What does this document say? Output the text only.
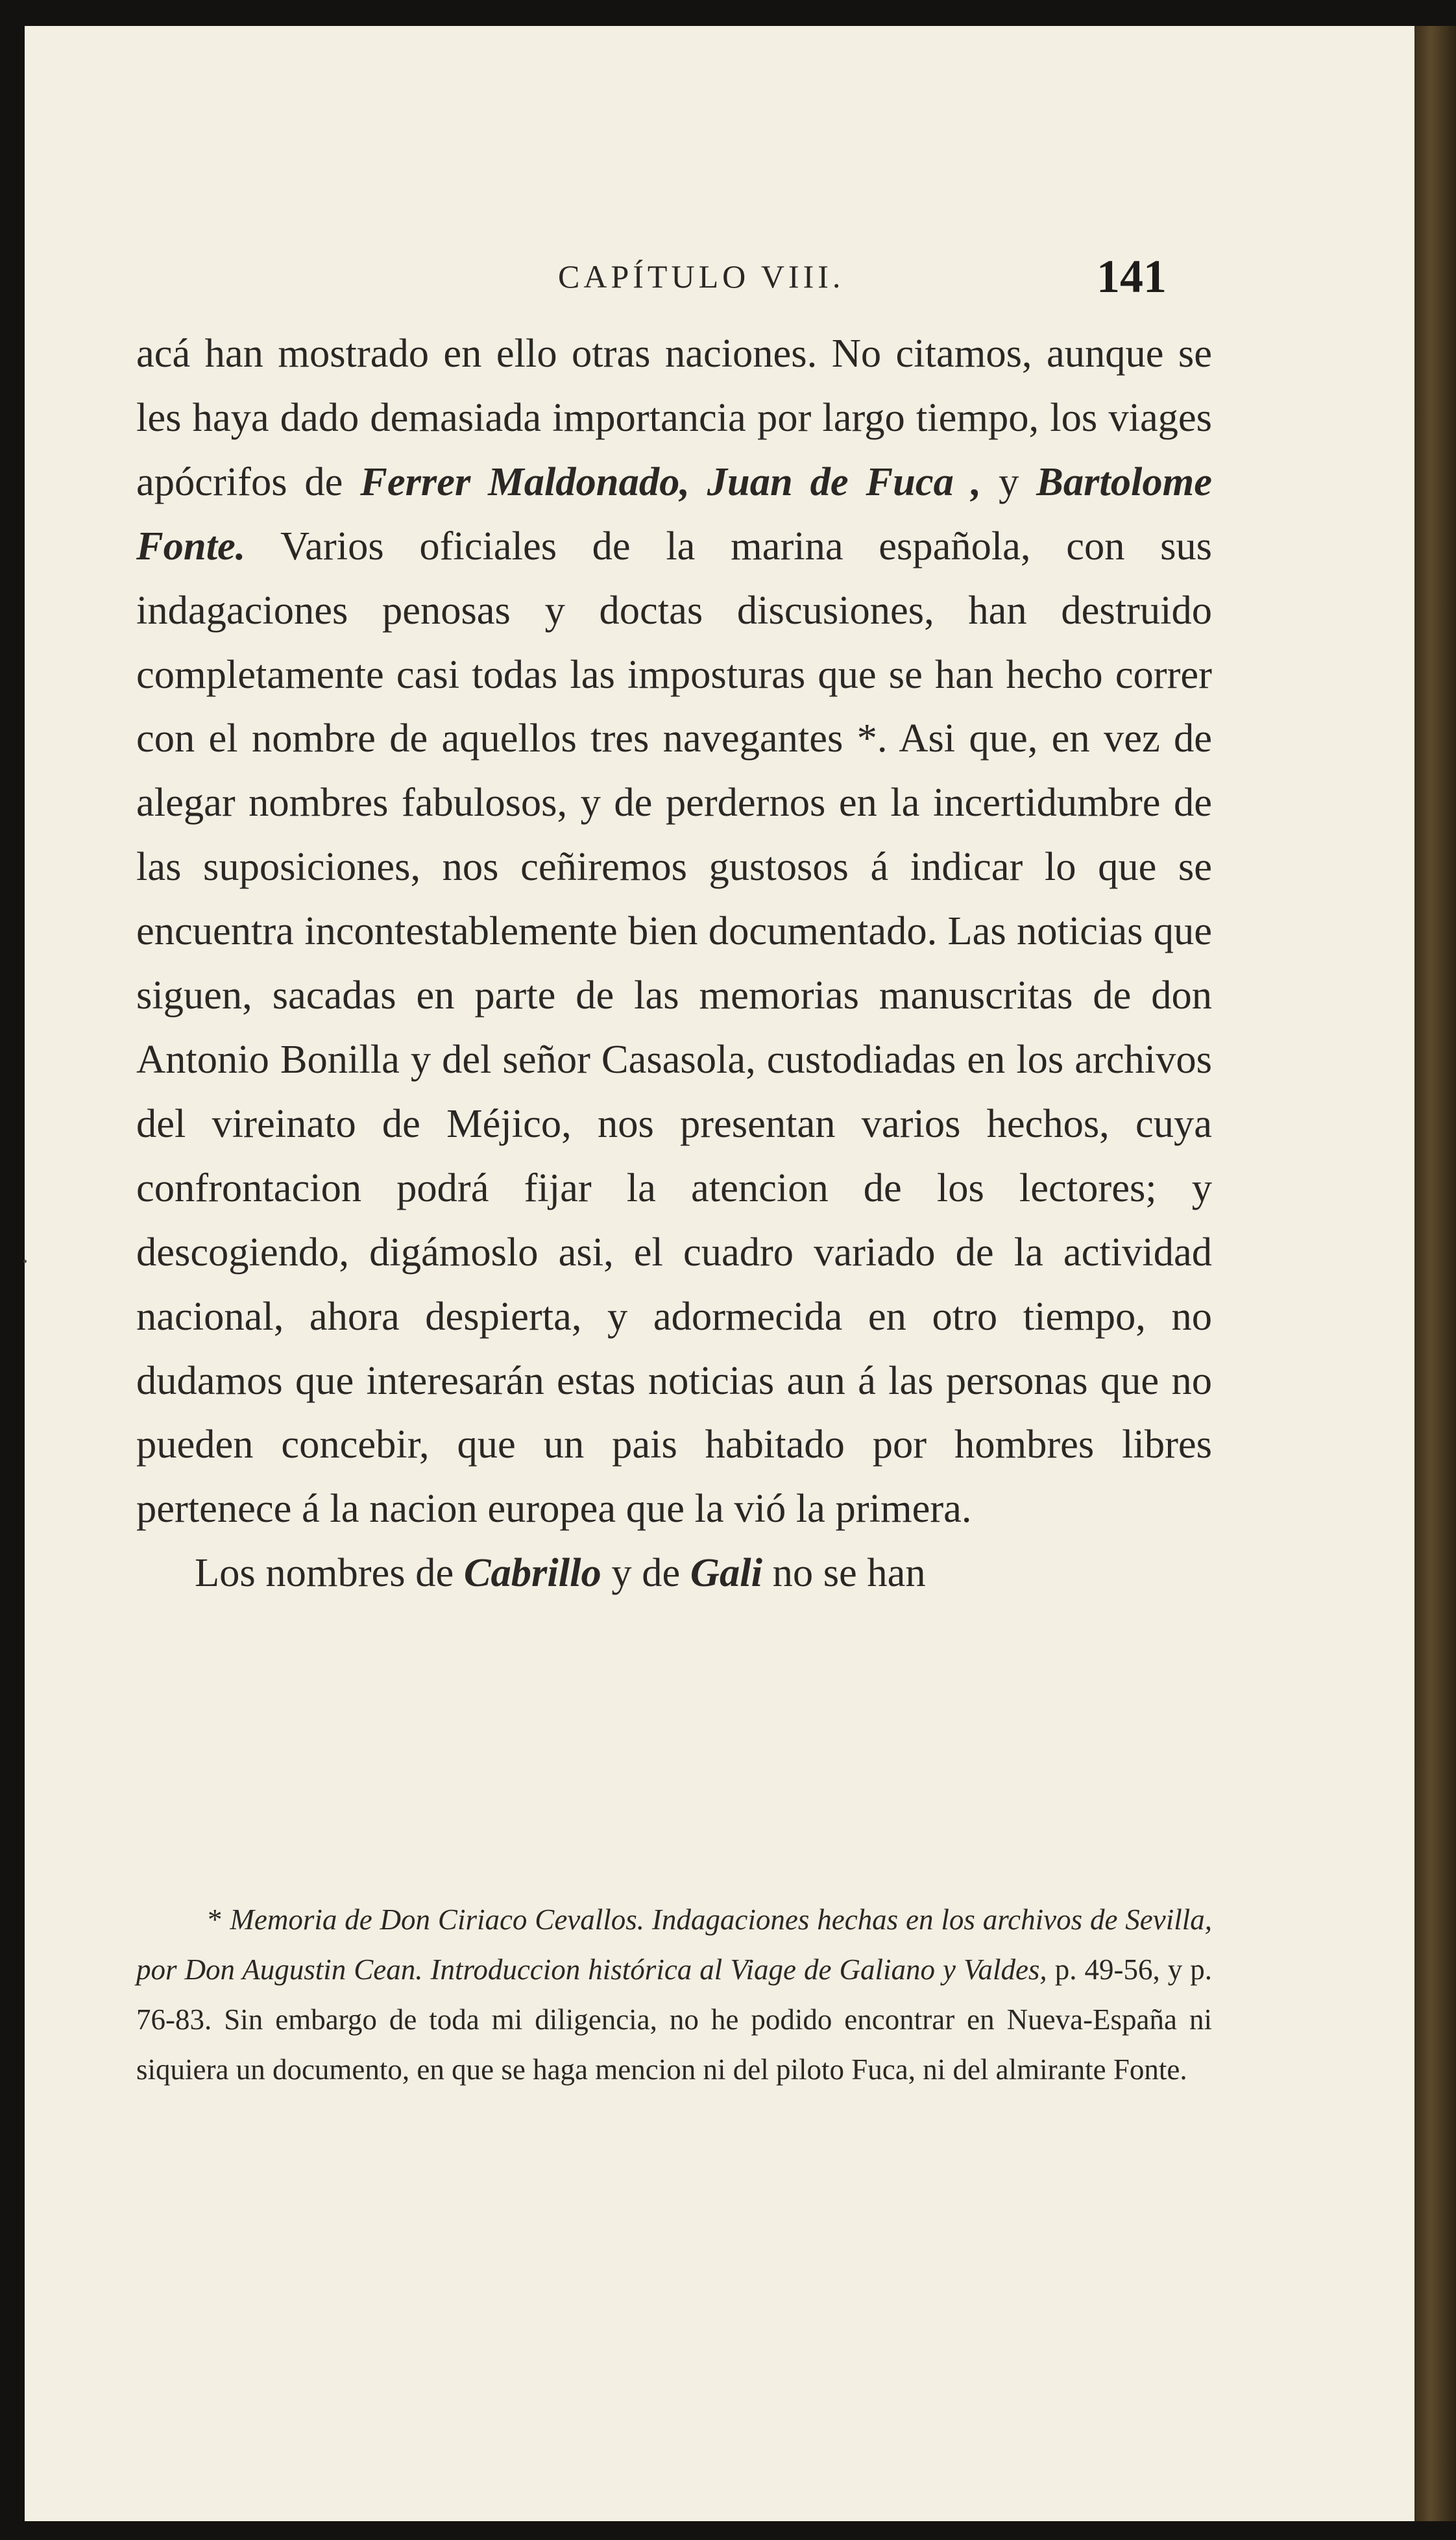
CAPÍTULO VIII.	141

acá han mostrado en ello otras naciones. No citamos, aunque se les haya dado demasiada importancia por largo tiempo, los viages apócrifos de Ferrer Maldonado, Juan de Fuca , y Bartolome Fonte. Varios oficiales de la marina española, con sus indagaciones penosas y doctas discusiones, han destruido completamente casi todas las imposturas que se han hecho correr con el nombre de aquellos tres navegantes *. Asi que, en vez de alegar nombres fabulosos, y de perdernos en la incertidumbre de las suposiciones, nos ceñiremos gustosos á indicar lo que se encuentra incontestablemente bien documentado. Las noticias que siguen, sacadas en parte de las memorias manuscritas de don Antonio Bonilla y del señor Casasola, custodiadas en los archivos del vireinato de Méjico, nos presentan varios hechos, cuya confrontacion podrá fijar la atencion de los lectores; y descogiendo, digámoslo asi, el cuadro variado de la actividad nacional, ahora despierta, y adormecida en otro tiempo, no dudamos que interesarán estas noticias aun á las personas que no pueden concebir, que un pais habitado por hombres libres pertenece á la nacion europea que la vió la primera.

Los nombres de Cabrillo y de Gali no se han

* Memoria de Don Ciriaco Cevallos. Indagaciones hechas en los archivos de Sevilla, por Don Augustin Cean. Introduccion histórica al Viage de Galiano y Valdes, p. 49-56, y p. 76-83. Sin embargo de toda mi diligencia, no he podido encontrar en Nueva-España ni siquiera un documento, en que se haga mencion ni del piloto Fuca, ni del almirante Fonte.

·
